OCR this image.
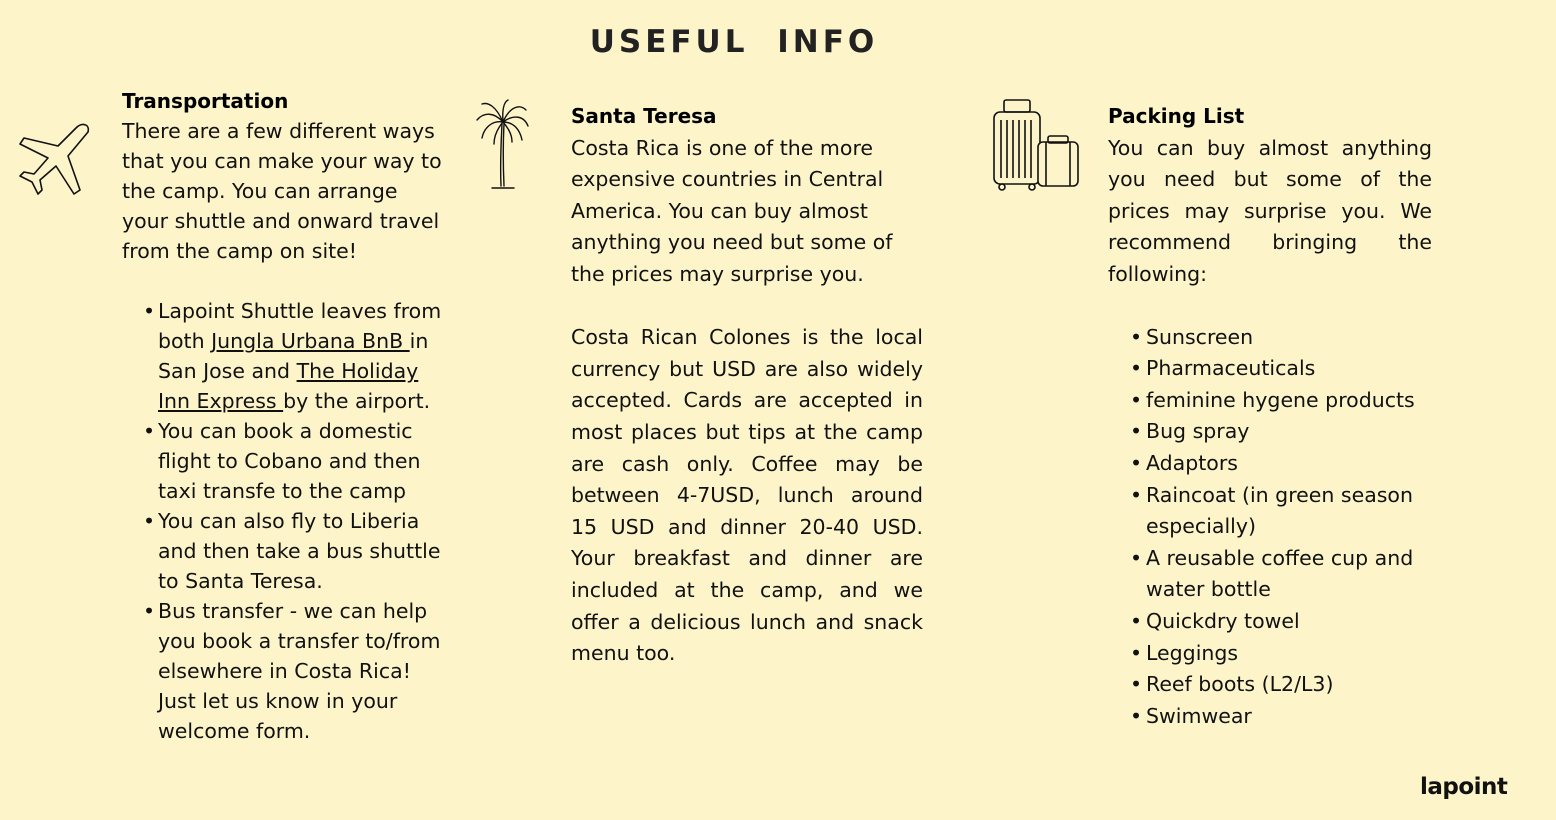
USEFUL INFO

Transportation

There are a few different ways that you can make your way to the camp. You can arrange your shuttle and onward travel from the camp on site!

• Lapoint Shuttle leaves from both Jungla Urbana BnB in San Jose and The Holiday Inn Express by the airport.
• You can book a domestic flight to Cobano and then taxi transfe to the camp
• You can also fly to Liberia and then take a bus shuttle to Santa Teresa.
• Bus transfer - we can help you book a transfer to/from elsewhere in Costa Rica! Just let us know in your welcome form.

Santa Teresa

Costa Rica is one of the more expensive countries in Central America. You can buy almost anything you need but some of the prices may surprise you.

Costa Rican Colones is the local currency but USD are also widely accepted. Cards are accepted in most places but tips at the camp are cash only. Coffee may be between 4-7USD, lunch around 15 USD and dinner 20-40 USD. Your breakfast and dinner are included at the camp, and we offer a delicious lunch and snack menu too.

Packing List

You can buy almost anything you need but some of the prices may surprise you. We recommend bringing the following:

• Sunscreen
• Pharmaceuticals
• feminine hygene products
• Bug spray
• Adaptors
• Raincoat (in green season especially)
• A reusable coffee cup and water bottle
• Quickdry towel
• Leggings
• Reef boots (L2/L3)
• Swimwear
lapoint
